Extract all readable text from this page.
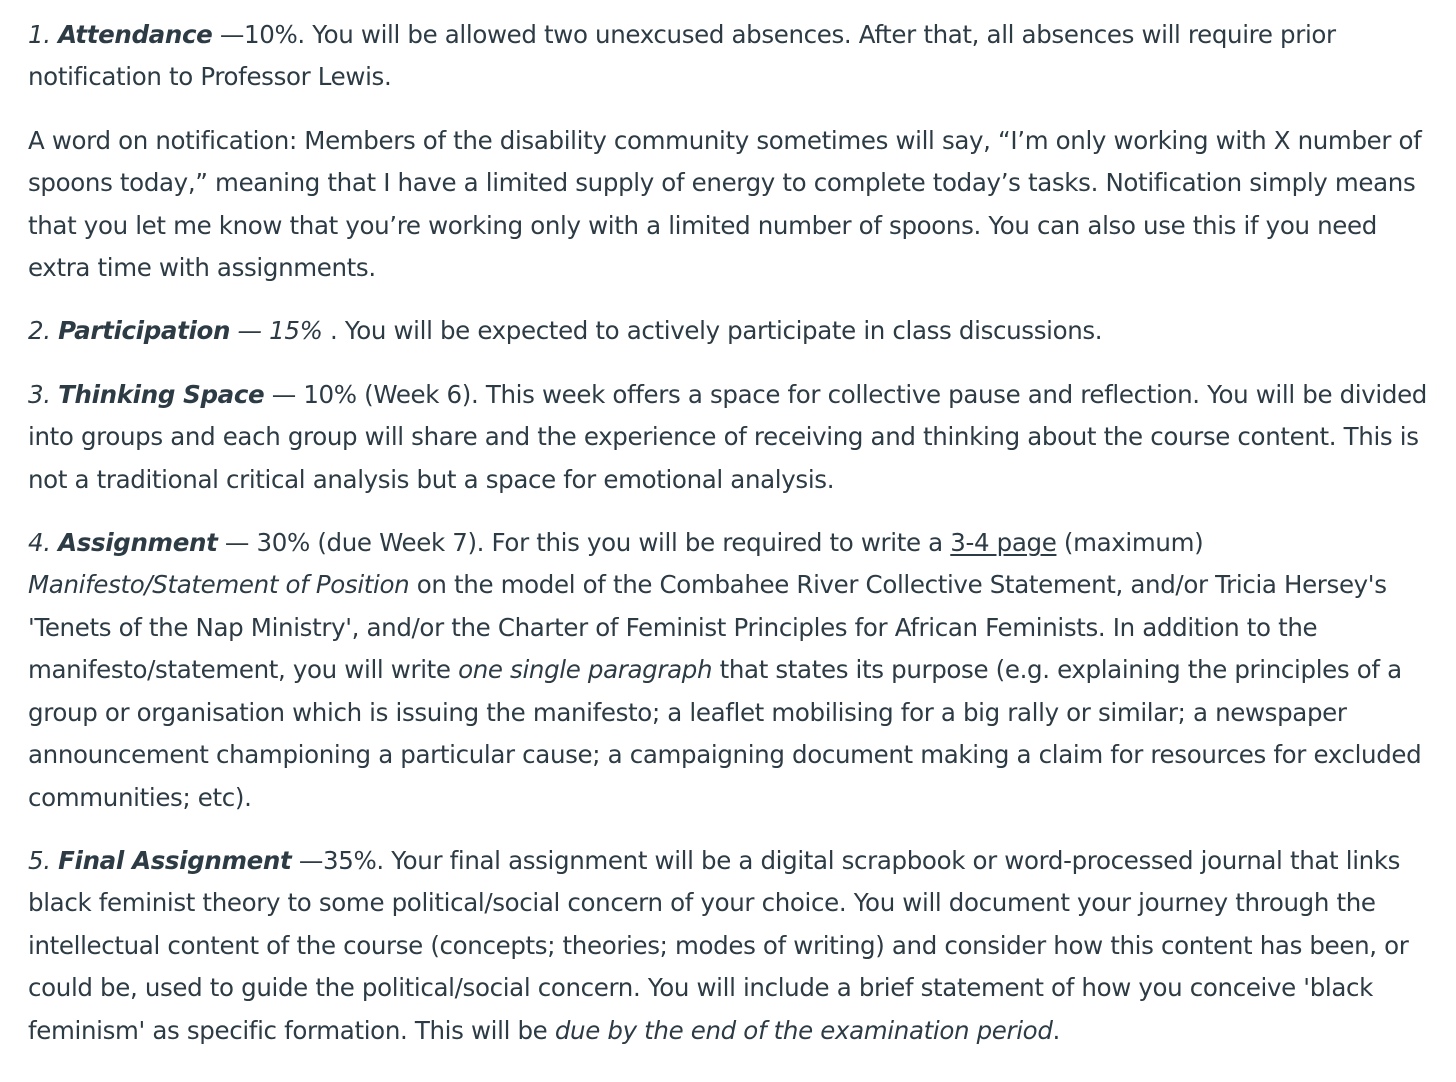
1. Attendance —10%. You will be allowed two unexcused absences. After that, all absences will require prior notification to Professor Lewis.

A word on notification: Members of the disability community sometimes will say, “I’m only working with X number of spoons today,” meaning that I have a limited supply of energy to complete today’s tasks. Notification simply means that you let me know that you’re working only with a limited number of spoons. You can also use this if you need extra time with assignments.

2. Participation — 15% . You will be expected to actively participate in class discussions.

3. Thinking Space — 10% (Week 6). This week offers a space for collective pause and reflection. You will be divided into groups and each group will share and the experience of receiving and thinking about the course content. This is not a traditional critical analysis but a space for emotional analysis.

4. Assignment — 30% (due Week 7). For this you will be required to write a 3-4 page (maximum) Manifesto/Statement of Position on the model of the Combahee River Collective Statement, and/or Tricia Hersey's 'Tenets of the Nap Ministry', and/or the Charter of Feminist Principles for African Feminists. In addition to the manifesto/statement, you will write one single paragraph that states its purpose (e.g. explaining the principles of a group or organisation which is issuing the manifesto; a leaflet mobilising for a big rally or similar; a newspaper announcement championing a particular cause; a campaigning document making a claim for resources for excluded communities; etc).

5. Final Assignment —35%. Your final assignment will be a digital scrapbook or word-processed journal that links black feminist theory to some political/social concern of your choice. You will document your journey through the intellectual content of the course (concepts; theories; modes of writing) and consider how this content has been, or could be, used to guide the political/social concern. You will include a brief statement of how you conceive 'black feminism' as specific formation. This will be due by the end of the examination period.
